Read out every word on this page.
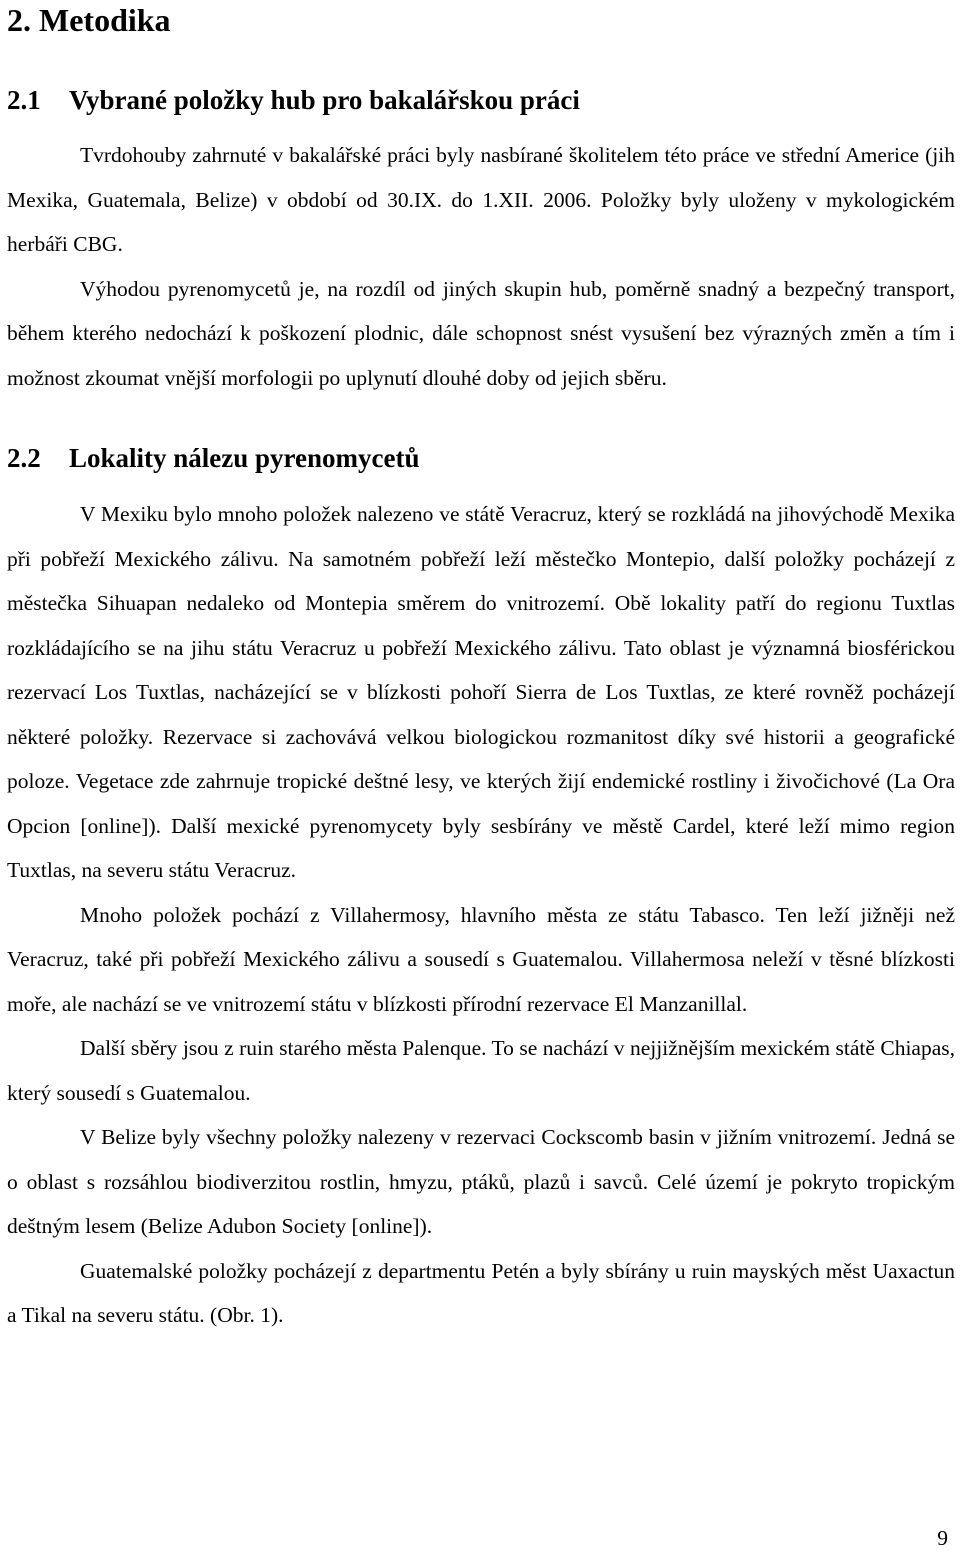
2. Metodika
2.1 Vybrané položky hub pro bakalářskou práci

Tvrdohouby zahrnuté v bakalářské práci byly nasbírané školitelem této práce ve střední Americe (jih Mexika, Guatemala, Belize) v období od 30.IX. do 1.XII. 2006. Položky byly uloženy v mykologickém herbáři CBG.

Výhodou pyrenomycetů je, na rozdíl od jiných skupin hub, poměrně snadný a bezpečný transport, během kterého nedochází k poškození plodnic, dále schopnost snést vysušení bez výrazných změn a tím i možnost zkoumat vnější morfologii po uplynutí dlouhé doby od jejich sběru.

2.2 Lokality nálezu pyrenomycetů

V Mexiku bylo mnoho položek nalezeno ve státě Veracruz, který se rozkládá na jihovýchodě Mexika při pobřeží Mexického zálivu. Na samotném pobřeží leží městečko Montepio, další položky pocházejí z městečka Sihuapan nedaleko od Montepia směrem do vnitrozemí. Obě lokality patří do regionu Tuxtlas rozkládajícího se na jihu státu Veracruz u pobřeží Mexického zálivu. Tato oblast je významná biosférickou rezervací Los Tuxtlas, nacházející se v blízkosti pohoří Sierra de Los Tuxtlas, ze které rovněž pocházejí některé položky. Rezervace si zachovává velkou biologickou rozmanitost díky své historii a geografické poloze. Vegetace zde zahrnuje tropické deštné lesy, ve kterých žijí endemické rostliny i živočichové (La Ora Opcion [online]). Další mexické pyrenomycety byly sesbírány ve městě Cardel, které leží mimo region Tuxtlas, na severu státu Veracruz.

Mnoho položek pochází z Villahermosy, hlavního města ze státu Tabasco. Ten leží jižněji než Veracruz, také při pobřeží Mexického zálivu a sousedí s Guatemalou. Villahermosa neleží v těsné blízkosti moře, ale nachází se ve vnitrozemí státu v blízkosti přírodní rezervace El Manzanillal.

Další sběry jsou z ruin starého města Palenque. To se nachází v nejjižnějším mexickém státě Chiapas, který sousedí s Guatemalou.

V Belize byly všechny položky nalezeny v rezervaci Cockscomb basin v jižním vnitrozemí. Jedná se o oblast s rozsáhlou biodiverzitou rostlin, hmyzu, ptáků, plazů i savců. Celé území je pokryto tropickým deštným lesem (Belize Adubon Society [online]).

Guatemalské položky pocházejí z departmentu Petén a byly sbírány u ruin mayských měst Uaxactun a Tikal na severu státu. (Obr. 1).

9
